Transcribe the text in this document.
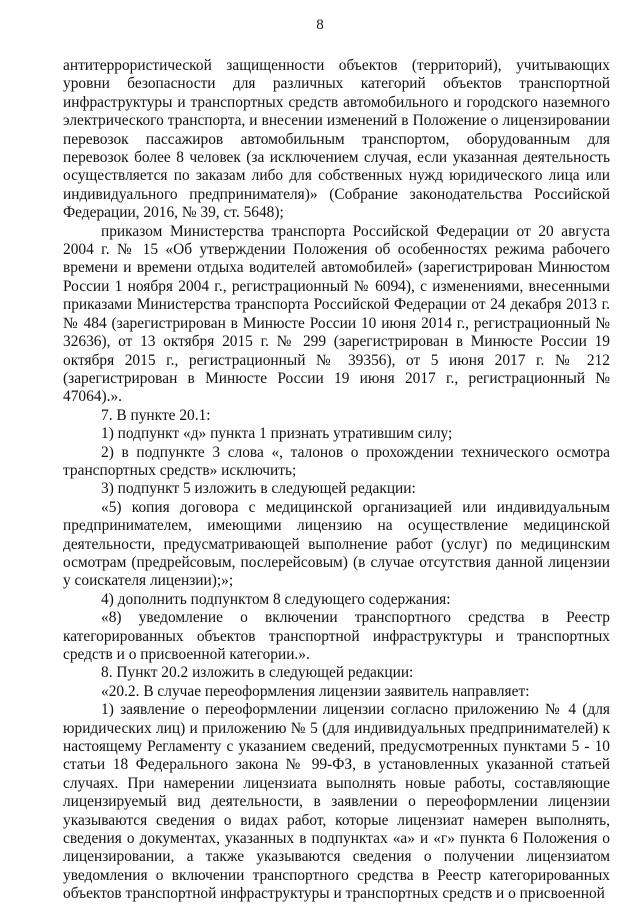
8

антитеррористической защищенности объектов (территорий), учитывающих уровни безопасности для различных категорий объектов транспортной инфраструктуры и транспортных средств автомобильного и городского наземного электрического транспорта, и внесении изменений в Положение о лицензировании перевозок пассажиров автомобильным транспортом, оборудованным для перевозок более 8 человек (за исключением случая, если указанная деятельность осуществляется по заказам либо для собственных нужд юридического лица или индивидуального предпринимателя)» (Собрание законодательства Российской Федерации, 2016, № 39, ст. 5648);

приказом Министерства транспорта Российской Федерации от 20 августа 2004 г. № 15 «Об утверждении Положения об особенностях режима рабочего времени и времени отдыха водителей автомобилей» (зарегистрирован Минюстом России 1 ноября 2004 г., регистрационный № 6094), с изменениями, внесенными приказами Министерства транспорта Российской Федерации от 24 декабря 2013 г. № 484 (зарегистрирован в Минюсте России 10 июня 2014 г., регистрационный № 32636), от 13 октября 2015 г. № 299 (зарегистрирован в Минюсте России 19 октября 2015 г., регистрационный № 39356), от 5 июня 2017 г. № 212 (зарегистрирован в Минюсте России 19 июня 2017 г., регистрационный № 47064).».

7. В пункте 20.1:

1) подпункт «д» пункта 1 признать утратившим силу;

2) в подпункте 3 слова «, талонов о прохождении технического осмотра транспортных средств» исключить;

3) подпункт 5 изложить в следующей редакции:

«5) копия договора с медицинской организацией или индивидуальным предпринимателем, имеющими лицензию на осуществление медицинской деятельности, предусматривающей выполнение работ (услуг) по медицинским осмотрам (предрейсовым, послерейсовым) (в случае отсутствия данной лицензии у соискателя лицензии);»;

4) дополнить подпунктом 8 следующего содержания:

«8) уведомление о включении транспортного средства в Реестр категорированных объектов транспортной инфраструктуры и транспортных средств и о присвоенной категории.».

8. Пункт 20.2 изложить в следующей редакции:

«20.2. В случае переоформления лицензии заявитель направляет:

1) заявление о переоформлении лицензии согласно приложению № 4 (для юридических лиц) и приложению № 5 (для индивидуальных предпринимателей) к настоящему Регламенту с указанием сведений, предусмотренных пунктами 5 - 10 статьи 18 Федерального закона № 99-ФЗ, в установленных указанной статьей случаях. При намерении лицензиата выполнять новые работы, составляющие лицензируемый вид деятельности, в заявлении о переоформлении лицензии указываются сведения о видах работ, которые лицензиат намерен выполнять, сведения о документах, указанных в подпунктах «а» и «г» пункта 6 Положения о лицензировании, а также указываются сведения о получении лицензиатом уведомления о включении транспортного средства в Реестр категорированных объектов транспортной инфраструктуры и транспортных средств и о присвоенной
